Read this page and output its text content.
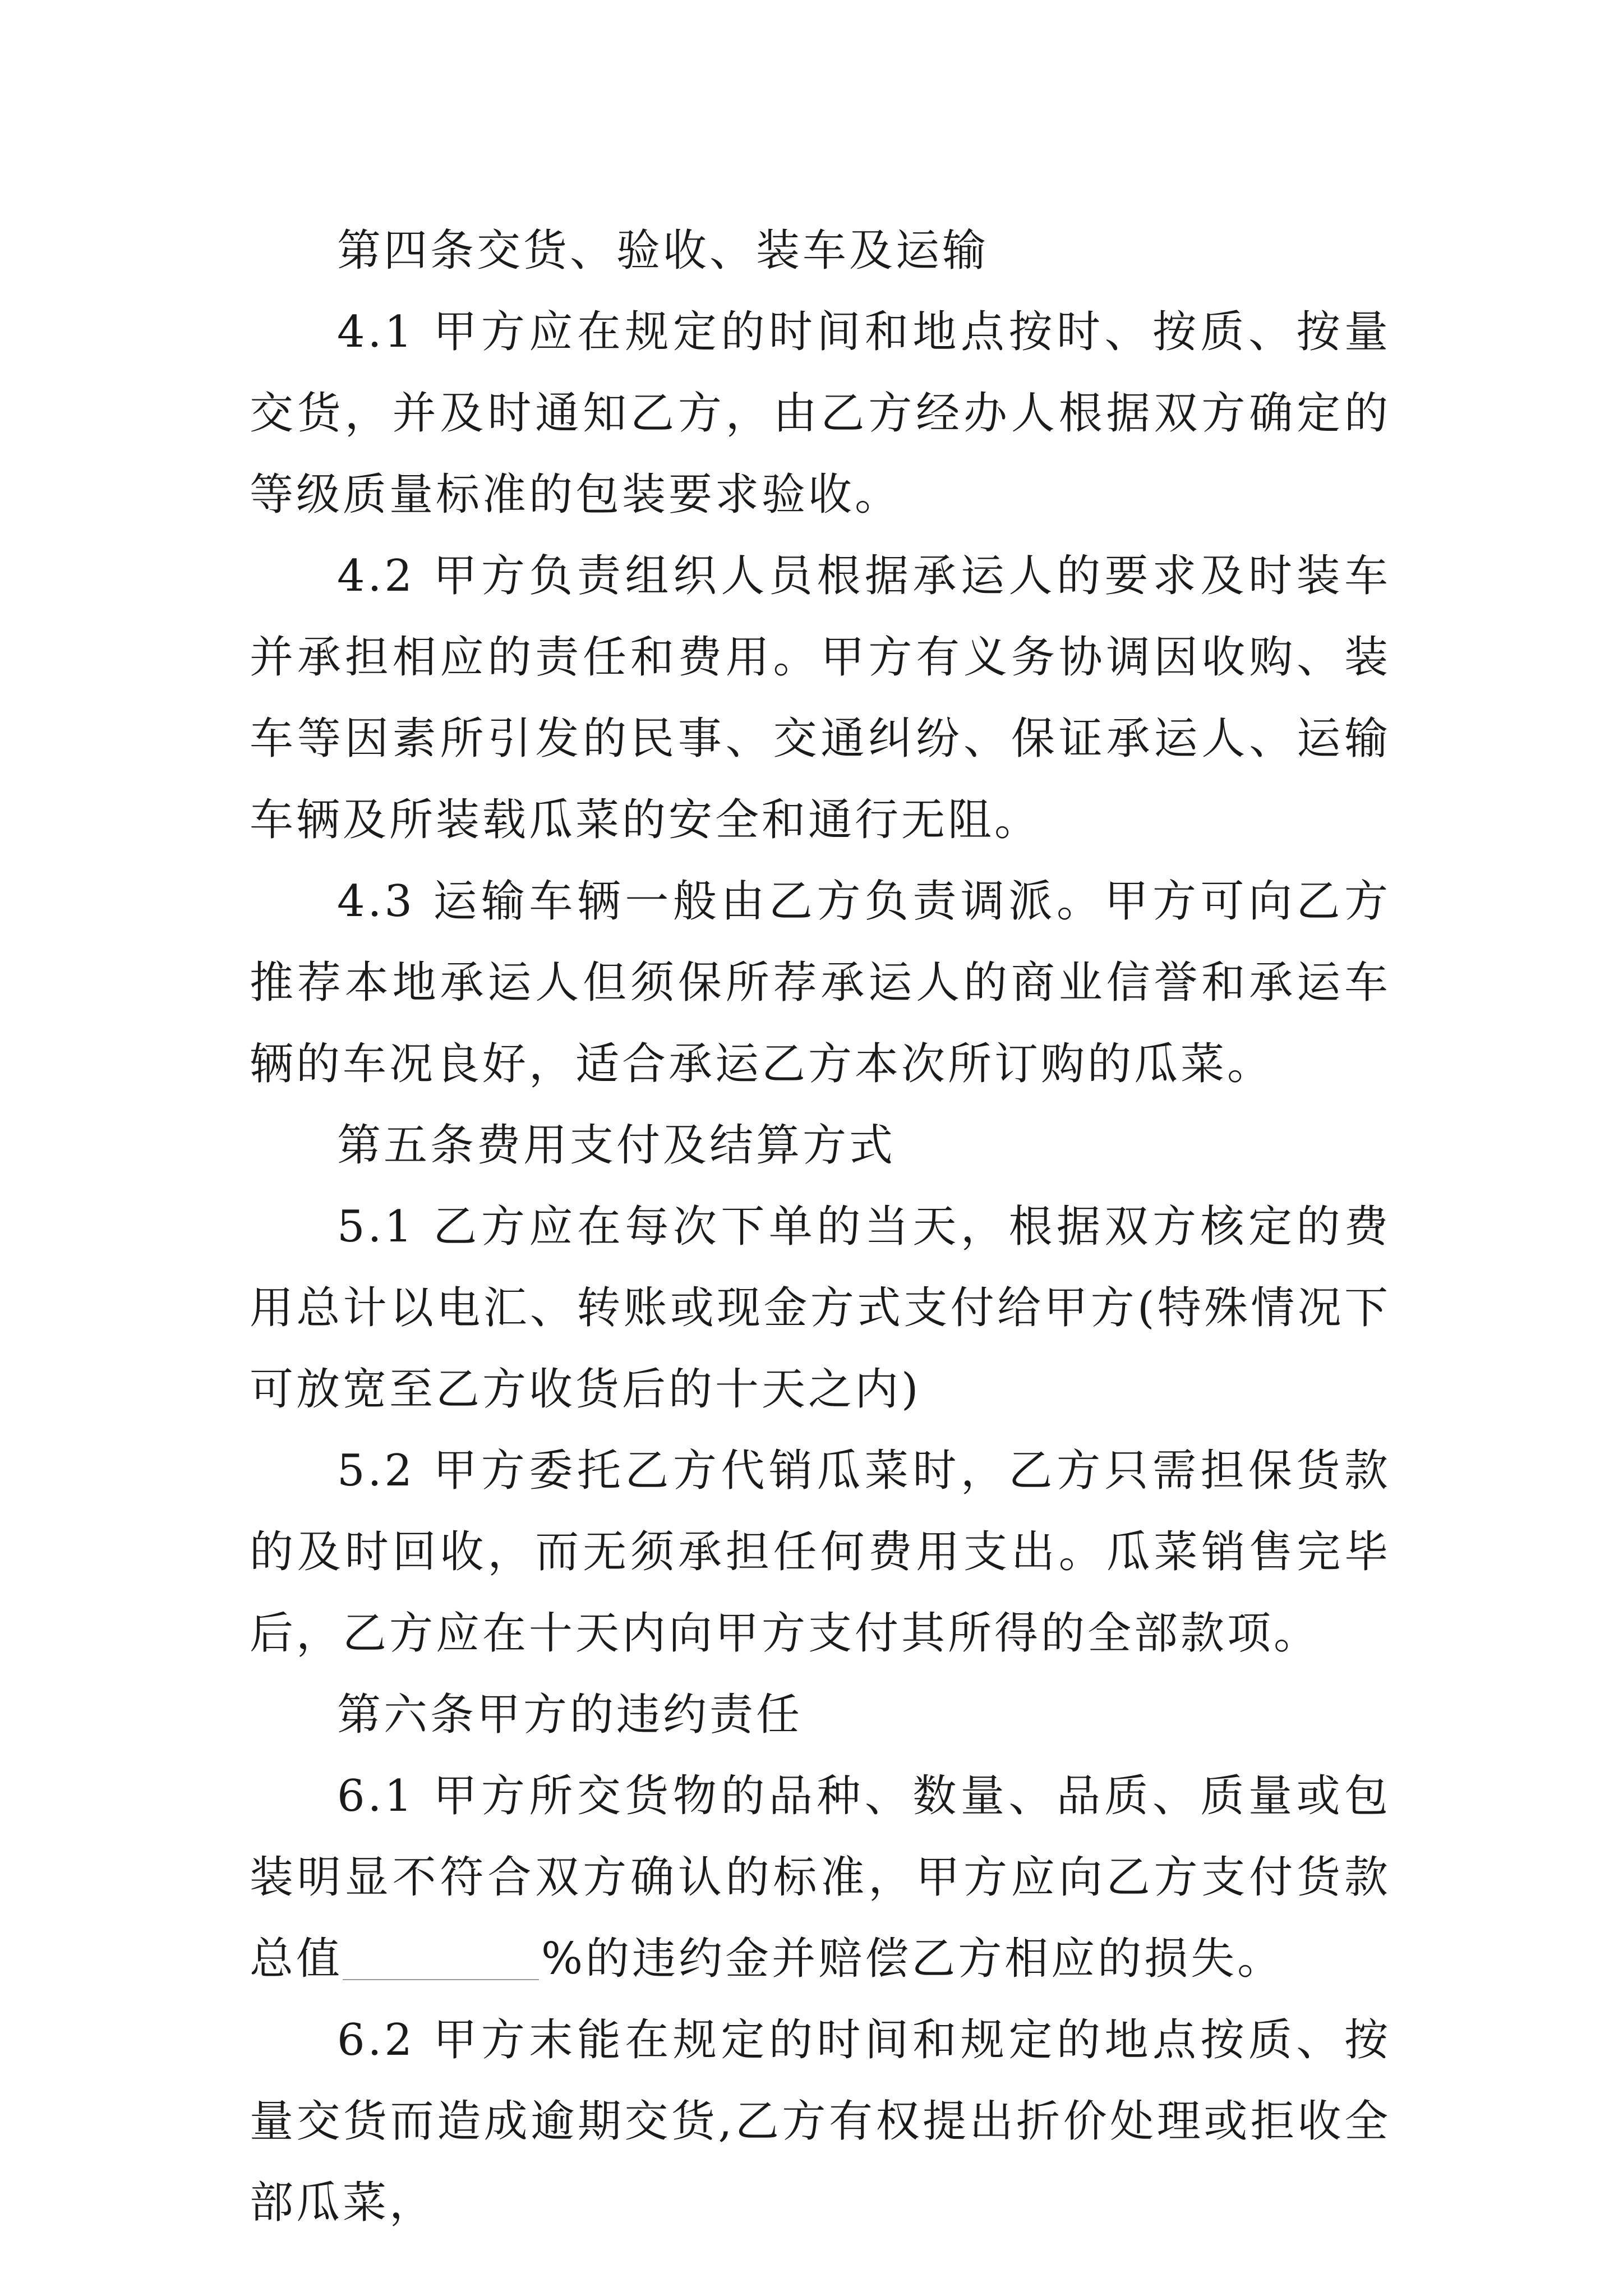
第四条交货、验收、装车及运输

4.1 甲方应在规定的时间和地点按时、按质、按量交货，并及时通知乙方，由乙方经办人根据双方确定的等级质量标准的包装要求验收。

4.2 甲方负责组织人员根据承运人的要求及时装车并承担相应的责任和费用。甲方有义务协调因收购、装车等因素所引发的民事、交通纠纷、保证承运人、运输车辆及所装载瓜菜的安全和通行无阻。

4.3 运输车辆一般由乙方负责调派。甲方可向乙方推荐本地承运人但须保所荐承运人的商业信誉和承运车辆的车况良好，适合承运乙方本次所订购的瓜菜。

第五条费用支付及结算方式

5.1 乙方应在每次下单的当天，根据双方核定的费用总计以电汇、转账或现金方式支付给甲方(特殊情况下可放宽至乙方收货后的十天之内)

5.2 甲方委托乙方代销瓜菜时，乙方只需担保货款的及时回收，而无须承担任何费用支出。瓜菜销售完毕后，乙方应在十天内向甲方支付其所得的全部款项。

第六条甲方的违约责任

6.1 甲方所交货物的品种、数量、品质、质量或包装明显不符合双方确认的标准，甲方应向乙方支付货款总值	%的违约金并赔偿乙方相应的损失。

6.2 甲方末能在规定的时间和规定的地点按质、按量交货而造成逾期交货,乙方有权提出折价处理或拒收全部瓜菜，
